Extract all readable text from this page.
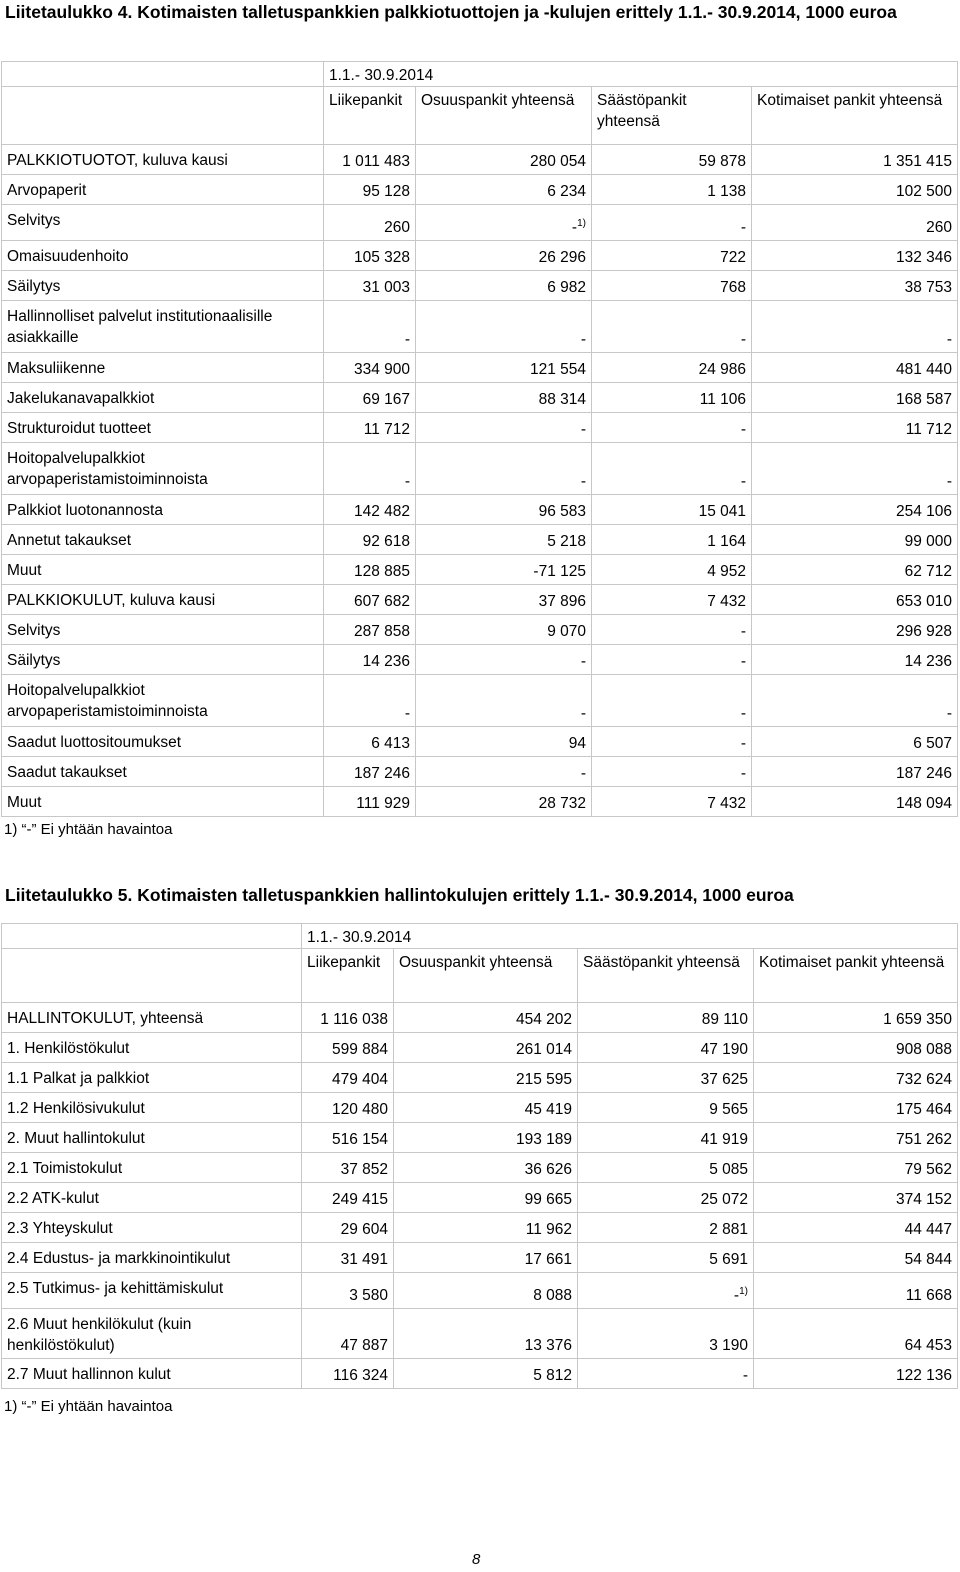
Liitetaulukko 4. Kotimaisten talletuspankkien palkkiotuottojen ja -kulujen erittely 1.1.- 30.9.2014, 1000 euroa
	1.1.- 30.9.2014			
	Liikepankit	Osuuspankit yhteensä	Säästöpankit yhteensä	Kotimaiset pankit yhteensä
PALKKIOTUOTOT, kuluva kausi	1 011 483	280 054	59 878	1 351 415
Arvopaperit	95 128	6 234	1 138	102 500
Selvitys	260	-$^{1)}$	-	260
Omaisuudenhoito	105 328	26 296	722	132 346
Säilytys	31 003	6 982	768	38 753
Hallinnolliset palvelut institutionaalisille asiakkaille	-	-	-	-
Maksuliikenne	334 900	121 554	24 986	481 440
Jakelukanavapalkkiot	69 167	88 314	11 106	168 587
Strukturoidut tuotteet	11 712	-	-	11 712
Hoitopalvelupalkkiot arvopaperistamistoiminnoista	-	-	-	-
Palkkiot luotonannosta	142 482	96 583	15 041	254 106
Annetut takaukset	92 618	5 218	1 164	99 000
Muut	128 885	-71 125	4 952	62 712
PALKKIOKULUT, kuluva kausi	607 682	37 896	7 432	653 010
Selvitys	287 858	9 070	-	296 928
Säilytys	14 236	-	-	14 236
Hoitopalvelupalkkiot arvopaperistamistoiminnoista	-	-	-	-
Saadut luottositoumukset	6 413	94	-	6 507
Saadut takaukset	187 246	-	-	187 246
Muut	111 929	28 732	7 432	148 094
1) “-” Ei yhtään havaintoa
Liitetaulukko 5. Kotimaisten talletuspankkien hallintokulujen erittely 1.1.- 30.9.2014, 1000 euroa
	1.1.- 30.9.2014			
	Liikepankit	Osuuspankit yhteensä	Säästöpankit yhteensä	Kotimaiset pankit yhteensä
HALLINTOKULUT, yhteensä	1 116 038	454 202	89 110	1 659 350
1. Henkilöstökulut	599 884	261 014	47 190	908 088
1.1 Palkat ja palkkiot	479 404	215 595	37 625	732 624
1.2 Henkilösivukulut	120 480	45 419	9 565	175 464
2. Muut hallintokulut	516 154	193 189	41 919	751 262
2.1 Toimistokulut	37 852	36 626	5 085	79 562
2.2 ATK-kulut	249 415	99 665	25 072	374 152
2.3 Yhteyskulut	29 604	11 962	2 881	44 447
2.4 Edustus- ja markkinointikulut	31 491	17 661	5 691	54 844
2.5 Tutkimus- ja kehittämiskulut	3 580	8 088	-$^{1)}$	11 668
2.6 Muut henkilökulut (kuin henkilöstökulut)	47 887	13 376	3 190	64 453
2.7 Muut hallinnon kulut	116 324	5 812	-	122 136
1) “-” Ei yhtään havaintoa
8
